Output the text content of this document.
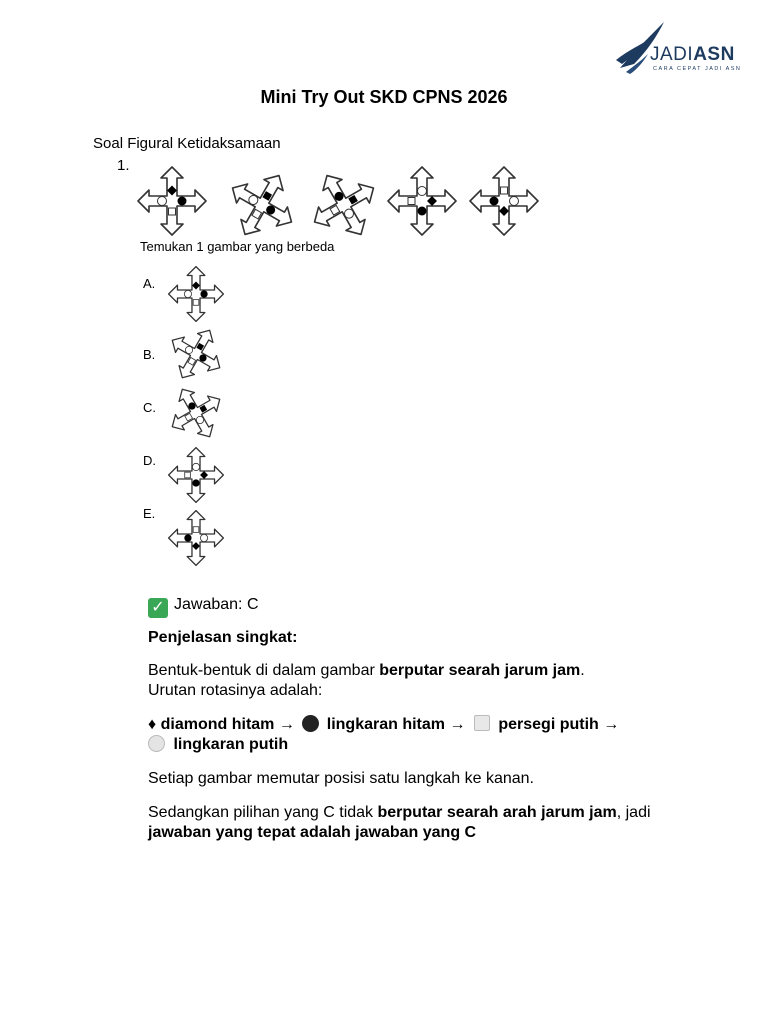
JADIASN
CARA CEPAT JADI ASN
Mini Try Out SKD CPNS 2026
Soal Figural Ketidaksamaan
1.
Temukan 1 gambar yang berbeda
A.
B.
C.
D.
E.
✓ Jawaban: C
Penjelasan singkat:
Bentuk-bentuk di dalam gambar berputar searah jarum jam.
Urutan rotasinya adalah:
♦ diamond hitam → lingkaran hitam → persegi putih →
lingkaran putih
Setiap gambar memutar posisi satu langkah ke kanan.
Sedangkan pilihan yang C tidak berputar searah arah jarum jam, jadi jawaban yang tepat adalah jawaban yang C
